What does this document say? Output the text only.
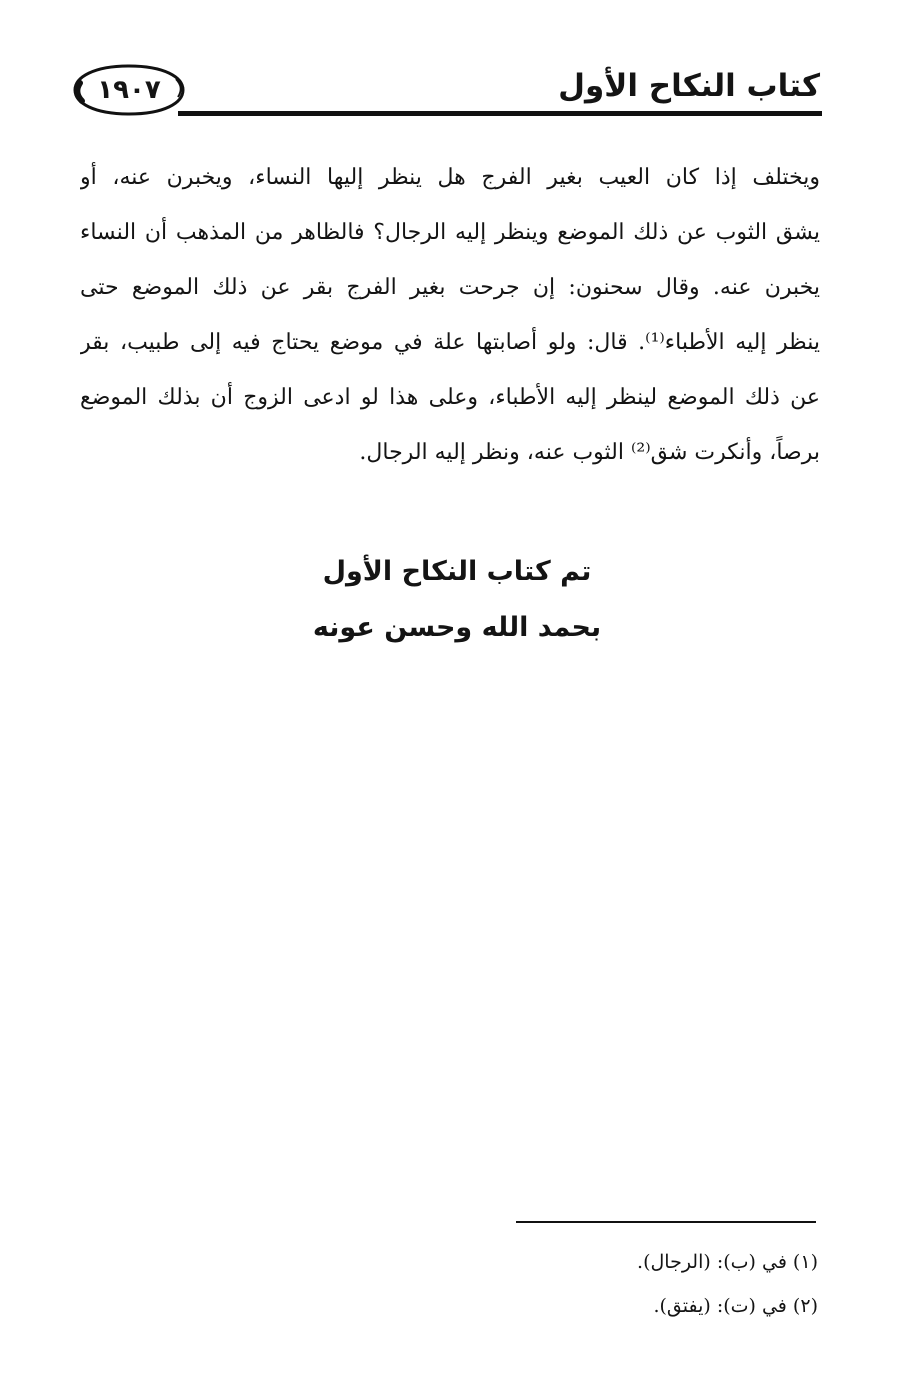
١٩٠٧	كتاب النكاح الأول
ويختلف إذا كان العيب بغير الفرج هل ينظر إليها النساء، ويخبرن عنه، أو
يشق الثوب عن ذلك الموضع وينظر إليه الرجال؟ فالظاهر من المذهب أن النساء
يخبرن عنه. وقال سحنون: إن جرحت بغير الفرج بقر عن ذلك الموضع حتى
ينظر إليه الأطباء⁽¹⁾. قال: ولو أصابتها علة في موضع يحتاج فيه إلى طبيب، بقر
عن ذلك الموضع لينظر إليه الأطباء، وعلى هذا لو ادعى الزوج أن بذلك الموضع
برصاً، وأنكرت شق⁽²⁾ الثوب عنه، ونظر إليه الرجال.
تم كتاب النكاح الأول
بحمد الله وحسن عونه
(١) في (ب): (الرجال).
(٢) في (ت): (يفتق).
